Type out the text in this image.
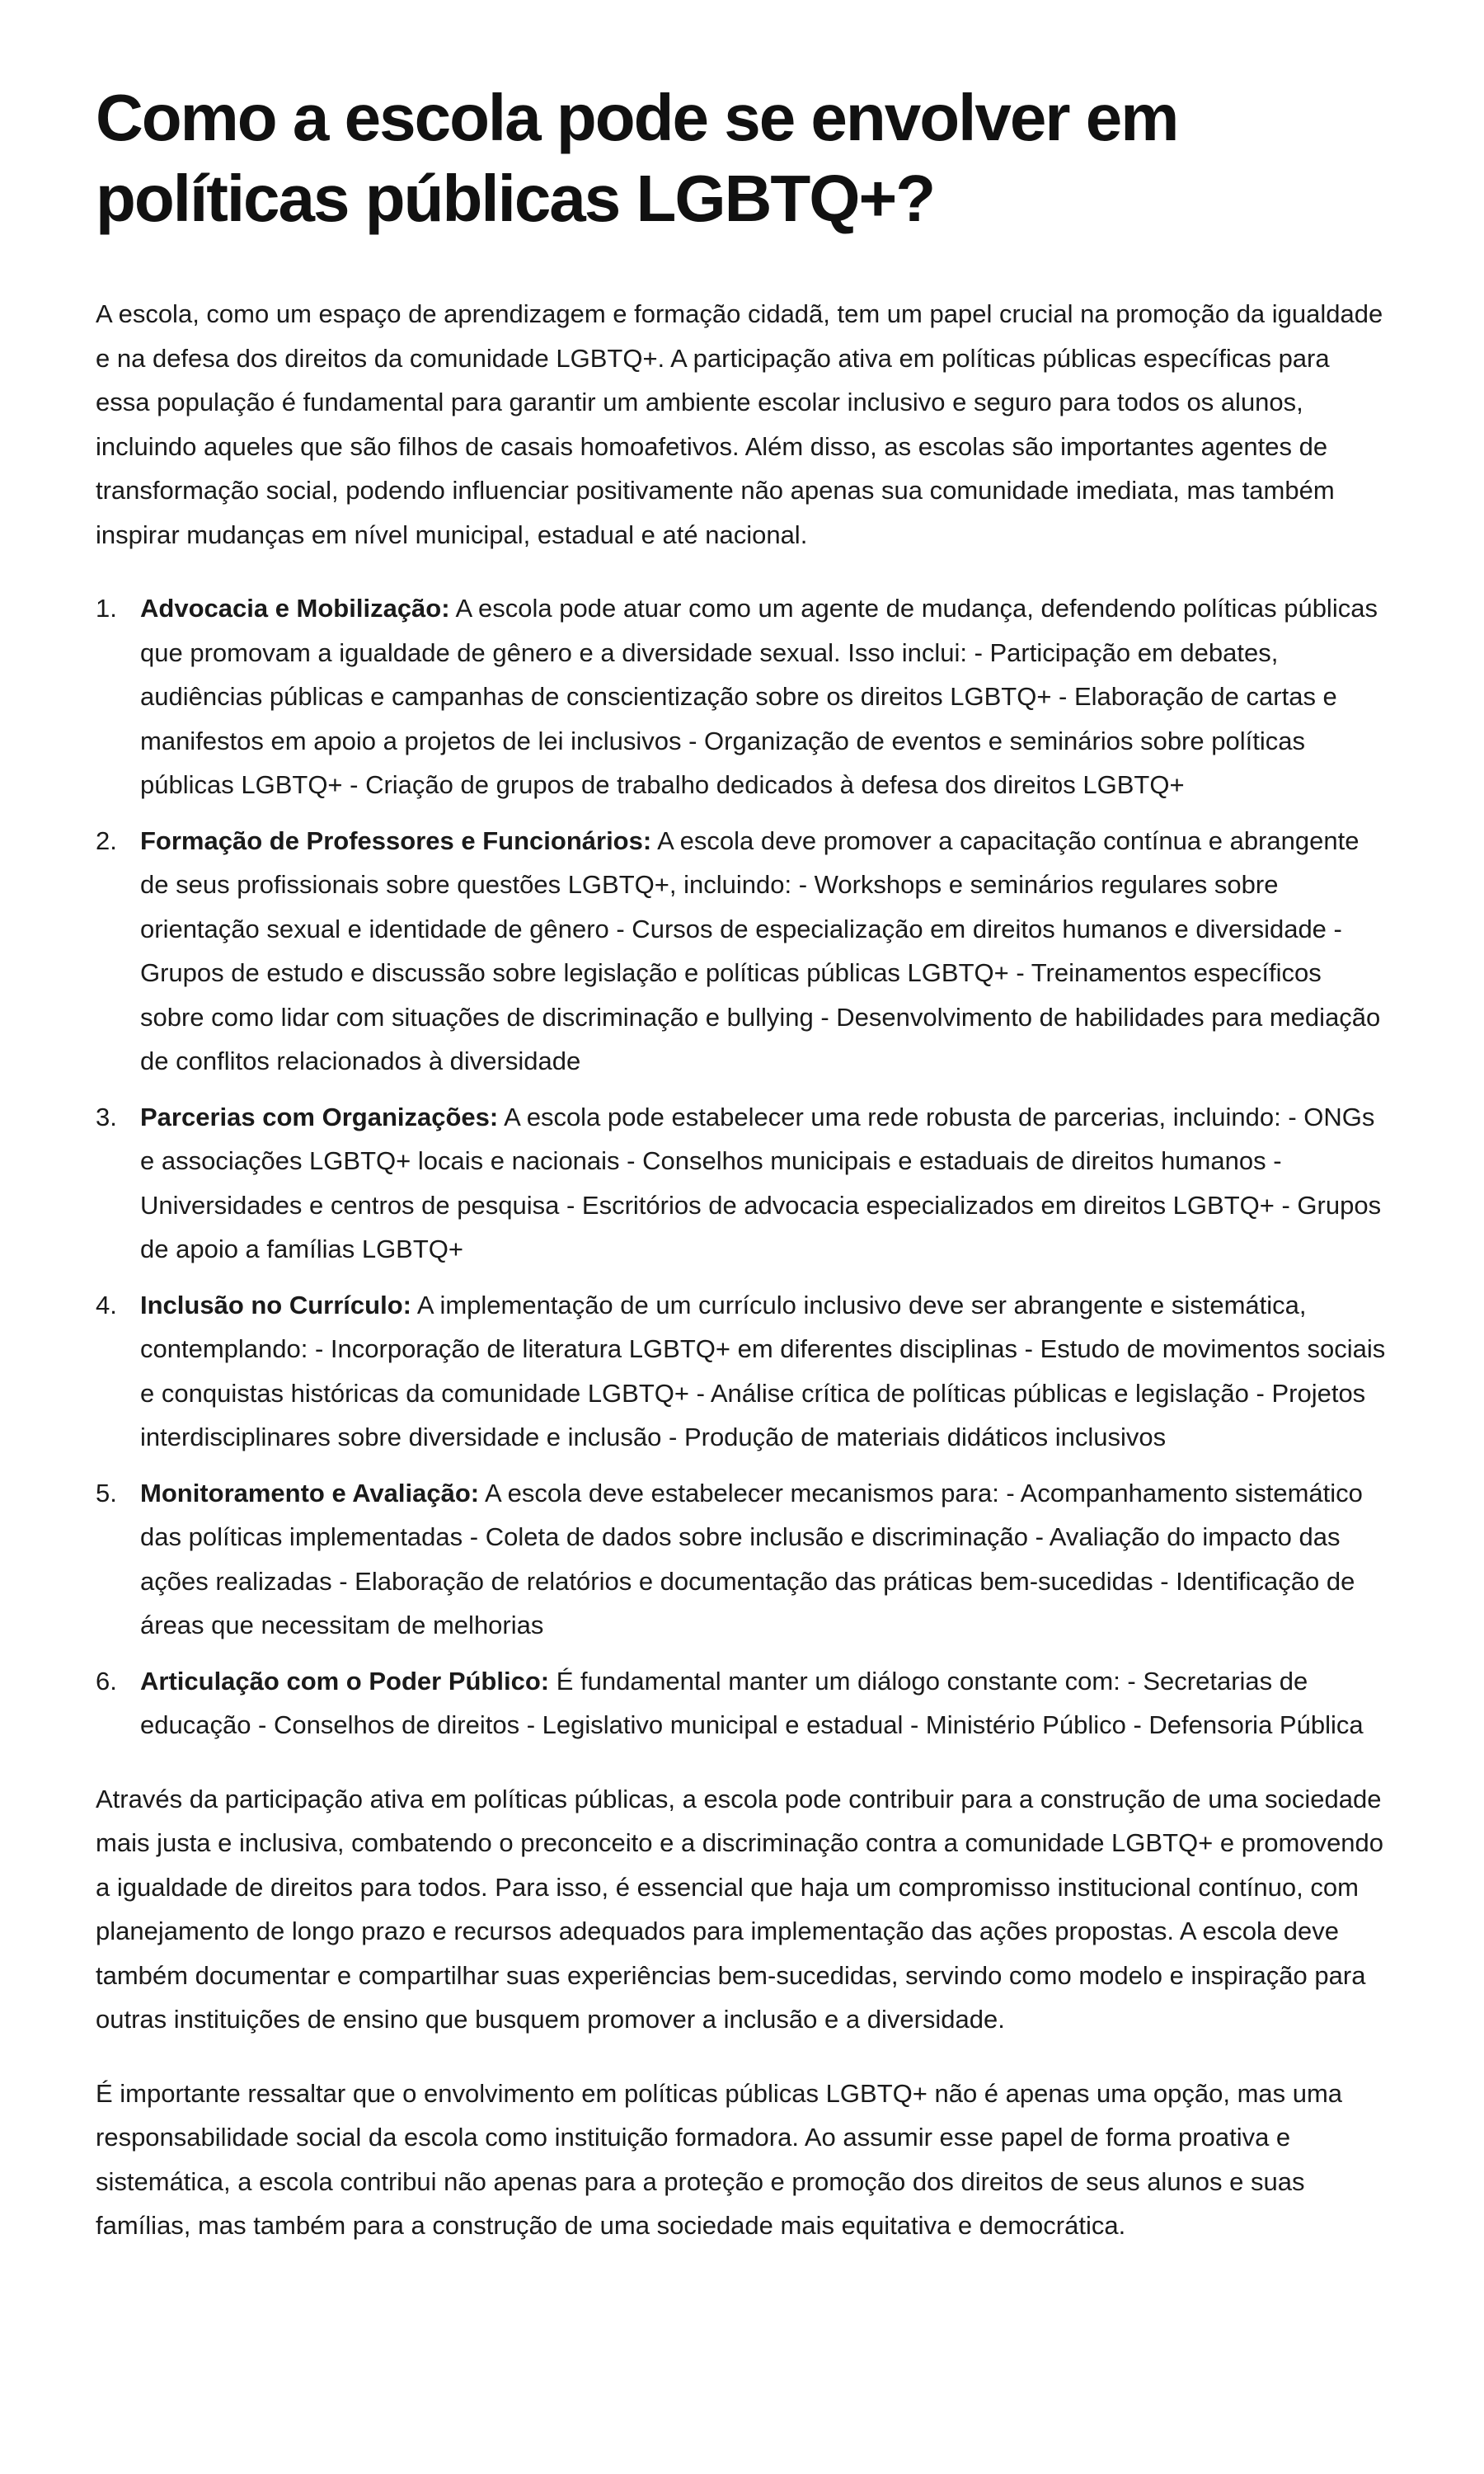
Como a escola pode se envolver em políticas públicas LGBTQ+?

A escola, como um espaço de aprendizagem e formação cidadã, tem um papel crucial na promoção da igualdade e na defesa dos direitos da comunidade LGBTQ+. A participação ativa em políticas públicas específicas para essa população é fundamental para garantir um ambiente escolar inclusivo e seguro para todos os alunos, incluindo aqueles que são filhos de casais homoafetivos. Além disso, as escolas são importantes agentes de transformação social, podendo influenciar positivamente não apenas sua comunidade imediata, mas também inspirar mudanças em nível municipal, estadual e até nacional.

1. Advocacia e Mobilização: A escola pode atuar como um agente de mudança, defendendo políticas públicas que promovam a igualdade de gênero e a diversidade sexual. Isso inclui: - Participação em debates, audiências públicas e campanhas de conscientização sobre os direitos LGBTQ+ - Elaboração de cartas e manifestos em apoio a projetos de lei inclusivos - Organização de eventos e seminários sobre políticas públicas LGBTQ+ - Criação de grupos de trabalho dedicados à defesa dos direitos LGBTQ+
2. Formação de Professores e Funcionários: A escola deve promover a capacitação contínua e abrangente de seus profissionais sobre questões LGBTQ+, incluindo: - Workshops e seminários regulares sobre orientação sexual e identidade de gênero - Cursos de especialização em direitos humanos e diversidade - Grupos de estudo e discussão sobre legislação e políticas públicas LGBTQ+ - Treinamentos específicos sobre como lidar com situações de discriminação e bullying - Desenvolvimento de habilidades para mediação de conflitos relacionados à diversidade
3. Parcerias com Organizações: A escola pode estabelecer uma rede robusta de parcerias, incluindo: - ONGs e associações LGBTQ+ locais e nacionais - Conselhos municipais e estaduais de direitos humanos - Universidades e centros de pesquisa - Escritórios de advocacia especializados em direitos LGBTQ+ - Grupos de apoio a famílias LGBTQ+
4. Inclusão no Currículo: A implementação de um currículo inclusivo deve ser abrangente e sistemática, contemplando: - Incorporação de literatura LGBTQ+ em diferentes disciplinas - Estudo de movimentos sociais e conquistas históricas da comunidade LGBTQ+ - Análise crítica de políticas públicas e legislação - Projetos interdisciplinares sobre diversidade e inclusão - Produção de materiais didáticos inclusivos
5. Monitoramento e Avaliação: A escola deve estabelecer mecanismos para: - Acompanhamento sistemático das políticas implementadas - Coleta de dados sobre inclusão e discriminação - Avaliação do impacto das ações realizadas - Elaboração de relatórios e documentação das práticas bem-sucedidas - Identificação de áreas que necessitam de melhorias
6. Articulação com o Poder Público: É fundamental manter um diálogo constante com: - Secretarias de educação - Conselhos de direitos - Legislativo municipal e estadual - Ministério Público - Defensoria Pública

Através da participação ativa em políticas públicas, a escola pode contribuir para a construção de uma sociedade mais justa e inclusiva, combatendo o preconceito e a discriminação contra a comunidade LGBTQ+ e promovendo a igualdade de direitos para todos. Para isso, é essencial que haja um compromisso institucional contínuo, com planejamento de longo prazo e recursos adequados para implementação das ações propostas. A escola deve também documentar e compartilhar suas experiências bem-sucedidas, servindo como modelo e inspiração para outras instituições de ensino que busquem promover a inclusão e a diversidade.

É importante ressaltar que o envolvimento em políticas públicas LGBTQ+ não é apenas uma opção, mas uma responsabilidade social da escola como instituição formadora. Ao assumir esse papel de forma proativa e sistemática, a escola contribui não apenas para a proteção e promoção dos direitos de seus alunos e suas famílias, mas também para a construção de uma sociedade mais equitativa e democrática.
